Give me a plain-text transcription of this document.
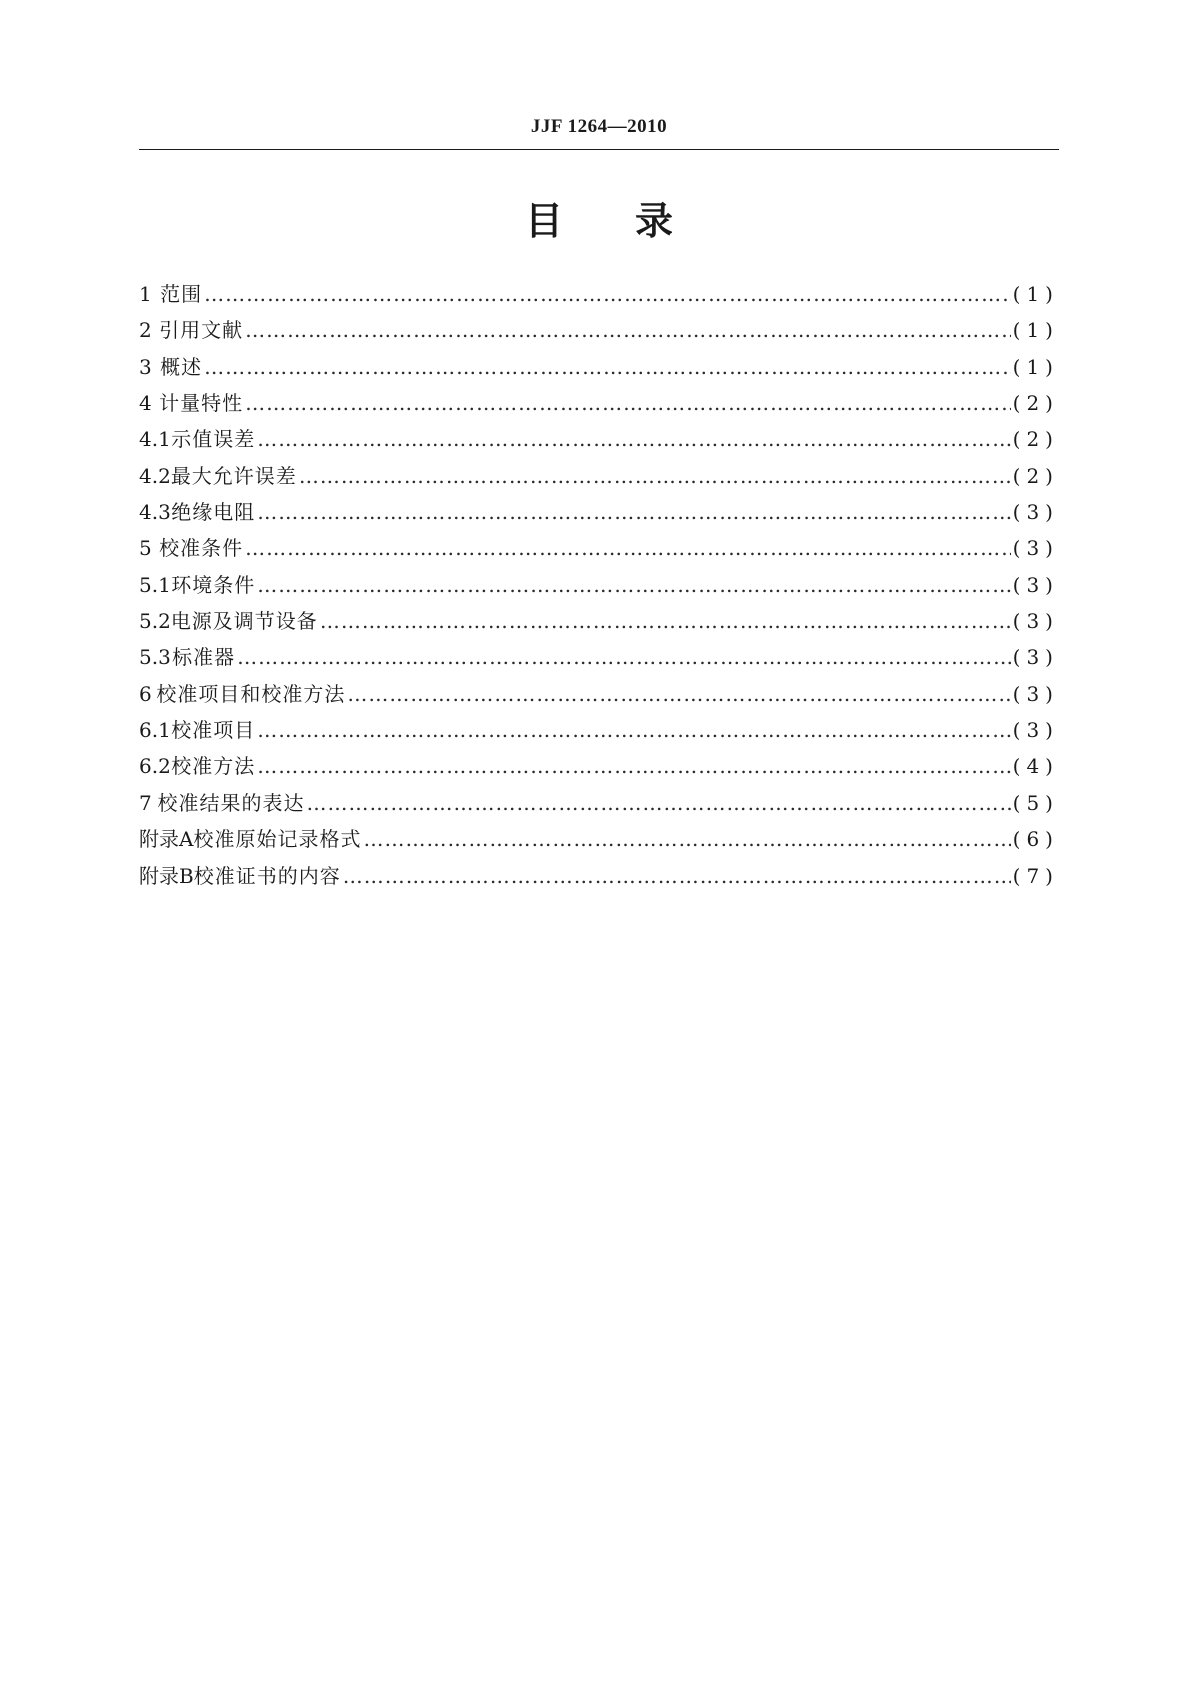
JJF 1264—2010
目 录
1 范围 ………………………………………………………………………………………………………………………………………………………………………………………	(1)
2 引用文献 ………………………………………………………………………………………………………………………………………………………………………………………	(1)
3 概述 ………………………………………………………………………………………………………………………………………………………………………………………	(1)
4 计量特性 ………………………………………………………………………………………………………………………………………………………………………………………	(2)
4.1 示值误差 ………………………………………………………………………………………………………………………………………………………………………………………	(2)
4.2 最大允许误差 ………………………………………………………………………………………………………………………………………………………………………………………	(2)
4.3 绝缘电阻 ………………………………………………………………………………………………………………………………………………………………………………………	(3)
5 校准条件 ………………………………………………………………………………………………………………………………………………………………………………………	(3)
5.1 环境条件 ………………………………………………………………………………………………………………………………………………………………………………………	(3)
5.2 电源及调节设备 ………………………………………………………………………………………………………………………………………………………………………………………	(3)
5.3 标准器 ………………………………………………………………………………………………………………………………………………………………………………………	(3)
6 校准项目和校准方法 ………………………………………………………………………………………………………………………………………………………………………………………	(3)
6.1 校准项目 ………………………………………………………………………………………………………………………………………………………………………………………	(3)
6.2 校准方法 ………………………………………………………………………………………………………………………………………………………………………………………	(4)
7 校准结果的表达 ………………………………………………………………………………………………………………………………………………………………………………………	(5)
附录A 校准原始记录格式 ………………………………………………………………………………………………………………………………………………………………………………………	(6)
附录B 校准证书的内容 ………………………………………………………………………………………………………………………………………………………………………………………	(7)
